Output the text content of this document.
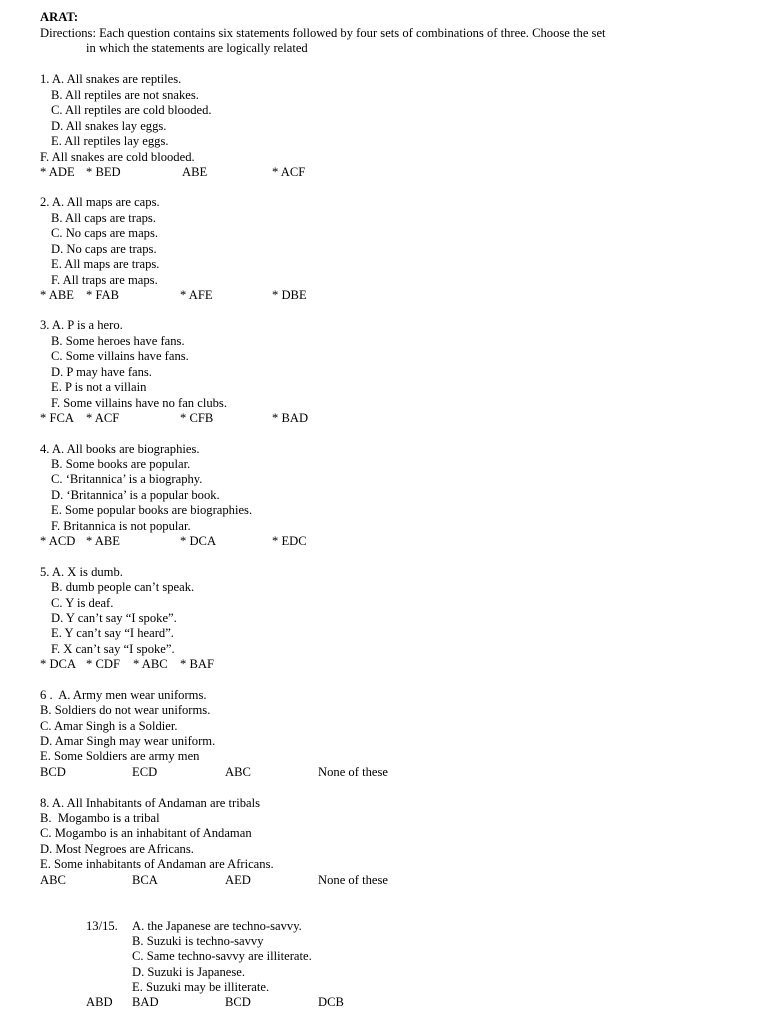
ARAT:
Directions: Each question contains six statements followed by four sets of combinations of three. Choose the set
in which the statements are logically related
1. A. All snakes are reptiles.
B. All reptiles are not snakes.
C. All reptiles are cold blooded.
D. All snakes lay eggs.
E. All reptiles lay eggs.
F. All snakes are cold blooded.
* ADE * BED	ABE	* ACF
2. A. All maps are caps.
B. All caps are traps.
C. No caps are maps.
D. No caps are traps.
E. All maps are traps.
F. All traps are maps.
* ABE * FAB	* AFE	* DBE
3. A. P is a hero.
B. Some heroes have fans.
C. Some villains have fans.
D. P may have fans.
E. P is not a villain
F. Some villains have no fan clubs.
* FCA * ACF	* CFB	* BAD
4. A. All books are biographies.
B. Some books are popular.
C. ‘Britannica’ is a biography.
D. ‘Britannica’ is a popular book.
E. Some popular books are biographies.
F. Britannica is not popular.
* ACD * ABE	* DCA	* EDC
5. A. X is dumb.
B. dumb people can’t speak.
C. Y is deaf.
D. Y can’t say “I spoke”.
E. Y can’t say “I heard”.
F. X can’t say “I spoke”.
* DCA * CDF * ABC * BAF
6 .  A. Army men wear uniforms.
B. Soldiers do not wear uniforms.
C. Amar Singh is a Soldier.
D. Amar Singh may wear uniform.
E. Some Soldiers are army men
BCD	ECD	ABC	None of these
8. A. All Inhabitants of Andaman are tribals
B.  Mogambo is a tribal
C. Mogambo is an inhabitant of Andaman
D. Most Negroes are Africans.
E. Some inhabitants of Andaman are Africans.
ABC	BCA	AED	None of these
13/15. A. the Japanese are techno-savvy.
B. Suzuki is techno-savvy
C. Same techno-savvy are illiterate.
D. Suzuki is Japanese.
E. Suzuki may be illiterate.
ABD BAD	BCD	DCB
